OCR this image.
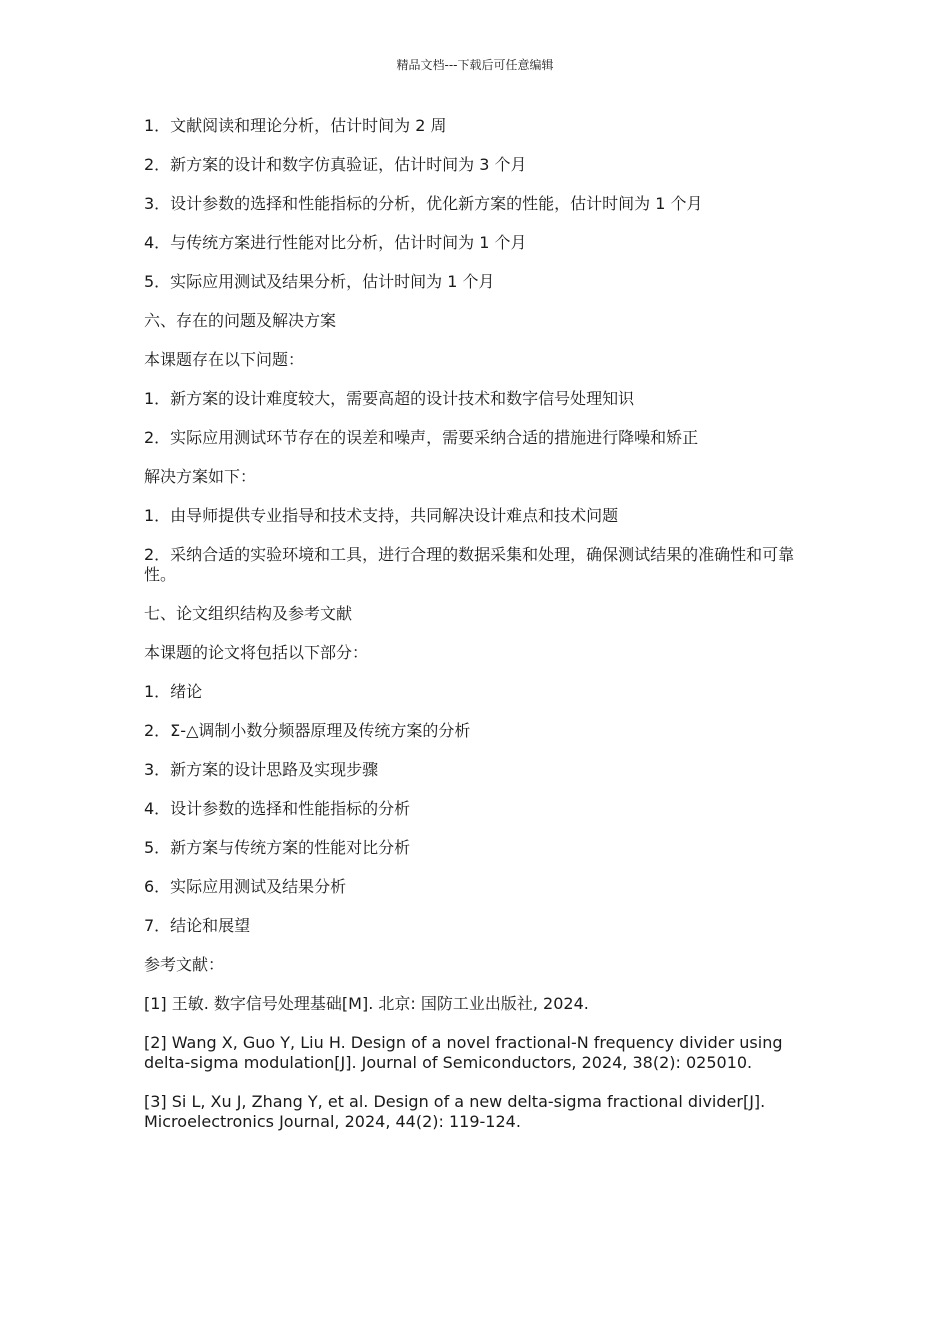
精品文档---下载后可任意编辑

1．文献阅读和理论分析，估计时间为 2 周

2．新方案的设计和数字仿真验证，估计时间为 3 个月

3．设计参数的选择和性能指标的分析，优化新方案的性能，估计时间为 1 个月

4．与传统方案进行性能对比分析，估计时间为 1 个月

5．实际应用测试及结果分析，估计时间为 1 个月

六、存在的问题及解决方案

本课题存在以下问题：

1．新方案的设计难度较大，需要高超的设计技术和数字信号处理知识

2．实际应用测试环节存在的误差和噪声，需要采纳合适的措施进行降噪和矫正

解决方案如下：

1．由导师提供专业指导和技术支持，共同解决设计难点和技术问题

2．采纳合适的实验环境和工具，进行合理的数据采集和处理，确保测试结果的准确性和可靠性。

七、论文组织结构及参考文献

本课题的论文将包括以下部分：

1．绪论

2．Σ-△调制小数分频器原理及传统方案的分析

3．新方案的设计思路及实现步骤

4．设计参数的选择和性能指标的分析

5．新方案与传统方案的性能对比分析

6．实际应用测试及结果分析

7．结论和展望

参考文献：

[1] 王敏. 数字信号处理基础[M]. 北京: 国防工业出版社, 2024.

[2] Wang X, Guo Y, Liu H. Design of a novel fractional-N frequency divider using delta-sigma modulation[J]. Journal of Semiconductors, 2024, 38(2): 025010.

[3] Si L, Xu J, Zhang Y, et al. Design of a new delta-sigma fractional divider[J]. Microelectronics Journal, 2024, 44(2): 119-124.
